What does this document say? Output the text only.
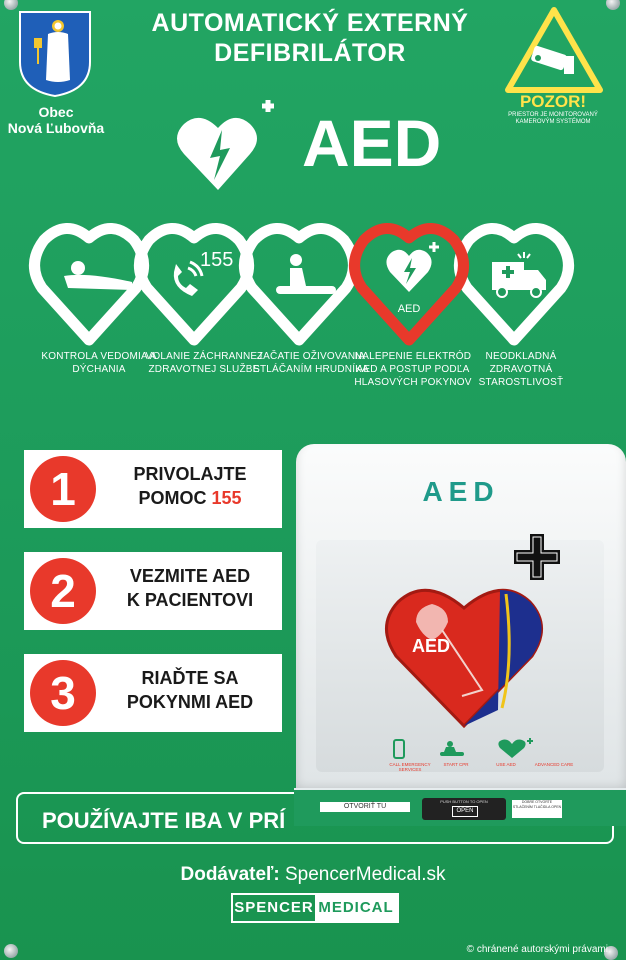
Obec
Nová Ľubovňa
AUTOMATICKÝ EXTERNÝ
DEFIBRILÁTOR
POZOR!
PRIESTOR JE MONITOROVANÝ KAMEROVÝM SYSTÉMOM
AED
155
AED
KONTROLA VEDOMIA A DÝCHANIA
VOLANIE ZÁCHRANNEJ ZDRAVOTNEJ SLUŽBE
ZAČATIE OŽIVOVANIA STLÁČANÍM HRUDNÍKA
NALEPENIE ELEKTRÓD AED A POSTUP PODĽA HLASOVÝCH POKYNOV
NEODKLADNÁ ZDRAVOTNÁ STAROSTLIVOSŤ
1	PRIVOLAJTE
POMOC 155
2	VEZMITE AED
K PACIENTOVI
3	RIAĎTE SA
POKYNMI AED
POUŽÍVAJTE IBA V PRÍ
AED
AED
CALL EMERGENCY SERVICES
START CPR	USE AED	ADVANCED CARE
OTVORIŤ TU
PUSH BUTTON TO OPEN
OPEN
DOBRE OTVORTE STLAČENÍM TLAČIDLA OPEN
Dodávateľ: SpencerMedical.sk
SPENCER MEDICAL
© chránené autorskými právami
